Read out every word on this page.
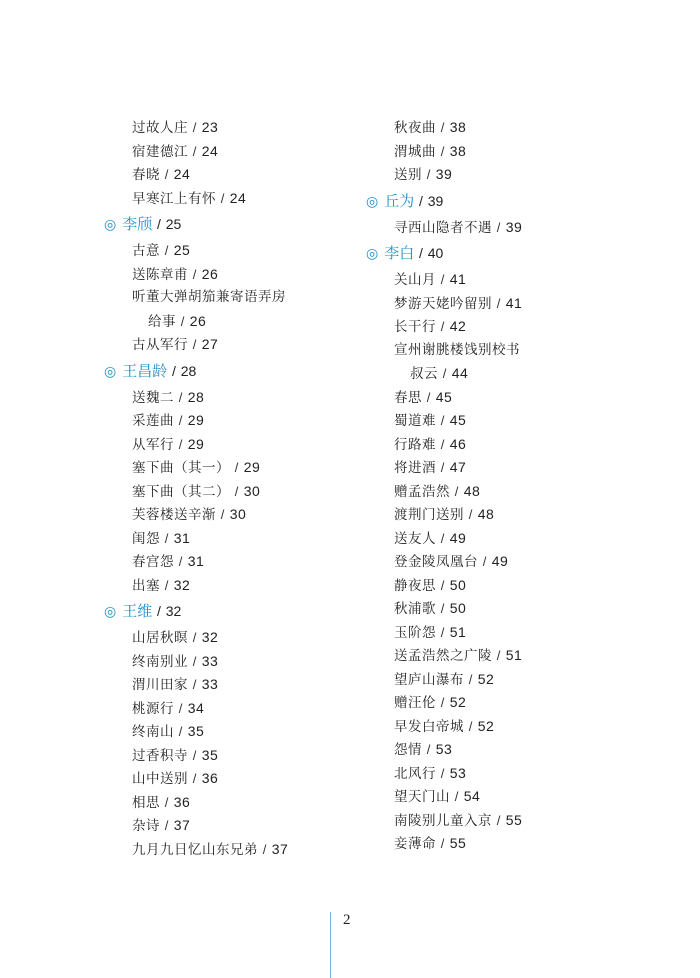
过故人庄 / 23
宿建德江 / 24
春晓 / 24
早寒江上有怀 / 24
◎ 李颀 / 25
古意 / 25
送陈章甫 / 26
听董大弹胡笳兼寄语弄房
给事 / 26
古从军行 / 27
◎ 王昌龄 / 28
送魏二 / 28
采莲曲 / 29
从军行 / 29
塞下曲（其一） / 29
塞下曲（其二） / 30
芙蓉楼送辛渐 / 30
闺怨 / 31
春宫怨 / 31
出塞 / 32
◎ 王维 / 32
山居秋暝 / 32
终南别业 / 33
渭川田家 / 33
桃源行 / 34
终南山 / 35
过香积寺 / 35
山中送别 / 36
相思 / 36
杂诗 / 37
九月九日忆山东兄弟 / 37
秋夜曲 / 38
渭城曲 / 38
送别 / 39
◎ 丘为 / 39
寻西山隐者不遇 / 39
◎ 李白 / 40
关山月 / 41
梦游天姥吟留别 / 41
长干行 / 42
宣州谢朓楼饯别校书
叔云 / 44
春思 / 45
蜀道难 / 45
行路难 / 46
将进酒 / 47
赠孟浩然 / 48
渡荆门送别 / 48
送友人 / 49
登金陵凤凰台 / 49
静夜思 / 50
秋浦歌 / 50
玉阶怨 / 51
送孟浩然之广陵 / 51
望庐山瀑布 / 52
赠汪伦 / 52
早发白帝城 / 52
怨情 / 53
北风行 / 53
望天门山 / 54
南陵别儿童入京 / 55
妾薄命 / 55
2
